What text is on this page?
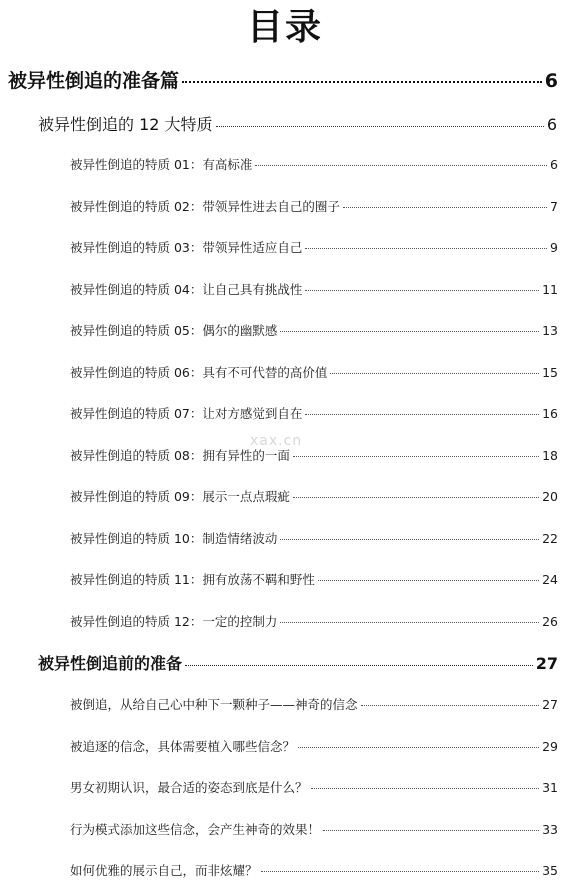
目录
xax.cn
被异性倒追的准备篇	6
被异性倒追的 12 大特质	6
被异性倒追的特质 01：有高标准	6
被异性倒追的特质 02：带领异性进去自己的圈子	7
被异性倒追的特质 03：带领异性适应自己	9
被异性倒追的特质 04：让自己具有挑战性	11
被异性倒追的特质 05：偶尔的幽默感	13
被异性倒追的特质 06：具有不可代替的高价值	15
被异性倒追的特质 07：让对方感觉到自在	16
被异性倒追的特质 08：拥有异性的一面	18
被异性倒追的特质 09：展示一点点瑕疵	20
被异性倒追的特质 10：制造情绪波动	22
被异性倒追的特质 11：拥有放荡不羁和野性	24
被异性倒追的特质 12：一定的控制力	26
被异性倒追前的准备	27
被倒追，从给自己心中种下一颗种子——神奇的信念	27
被追逐的信念，具体需要植入哪些信念？	29
男女初期认识，最合适的姿态到底是什么？	31
行为模式添加这些信念，会产生神奇的效果！	33
如何优雅的展示自己，而非炫耀？	35
